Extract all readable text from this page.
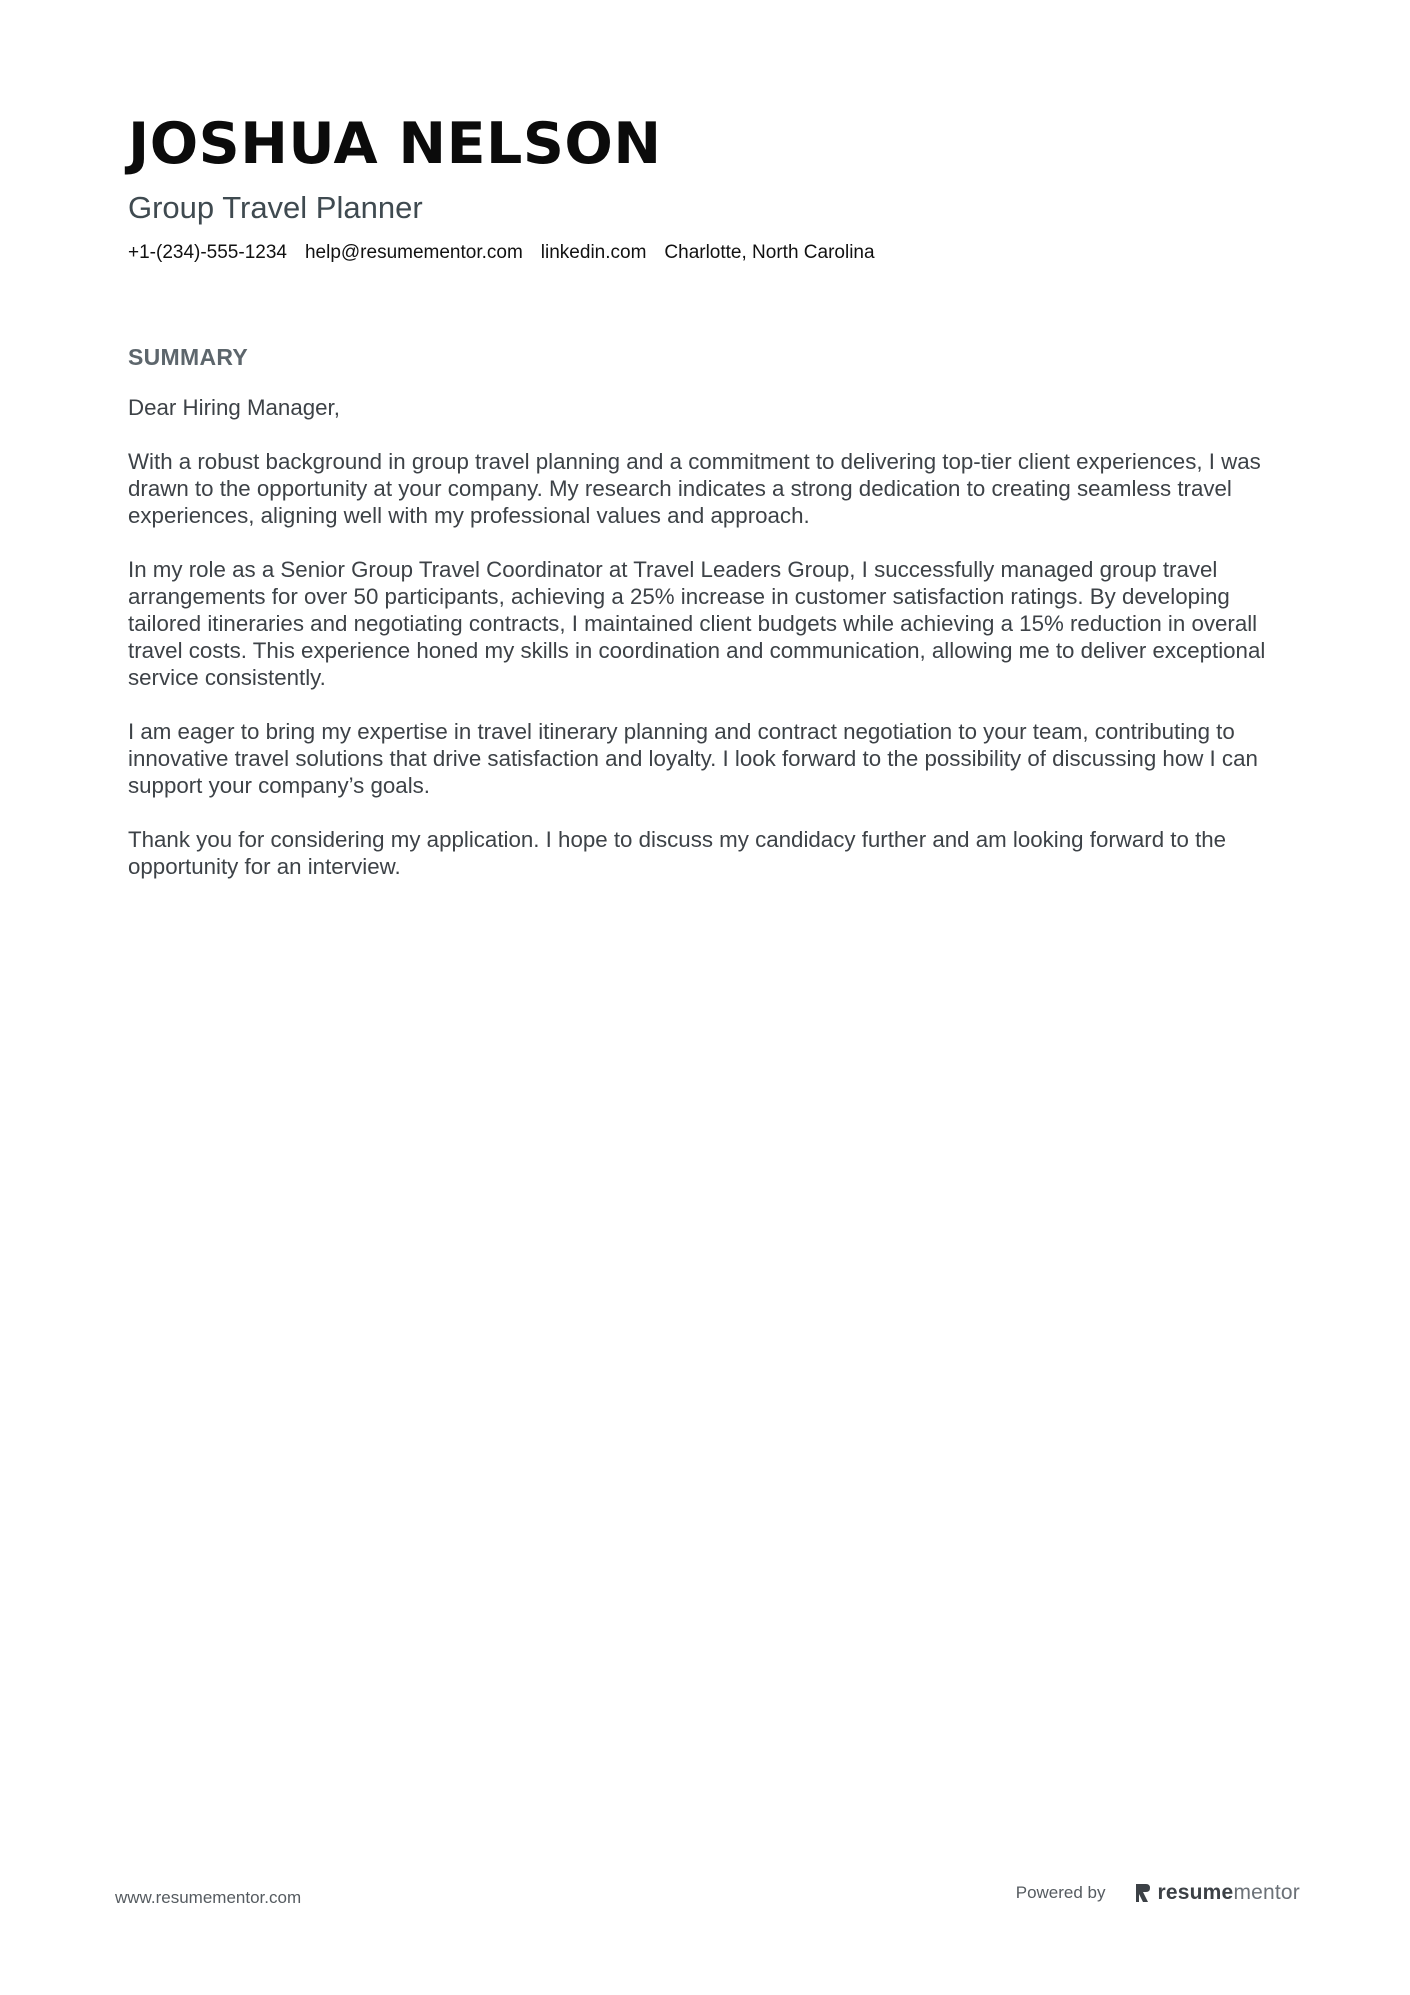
JOSHUA NELSON
Group Travel Planner
+1-(234)-555-1234 help@resumementor.com linkedin.com Charlotte, North Carolina
SUMMARY

Dear Hiring Manager,

With a robust background in group travel planning and a commitment to delivering top-tier client experiences, I was drawn to the opportunity at your company. My research indicates a strong dedication to creating seamless travel experiences, aligning well with my professional values and approach.

In my role as a Senior Group Travel Coordinator at Travel Leaders Group, I successfully managed group travel arrangements for over 50 participants, achieving a 25% increase in customer satisfaction ratings. By developing tailored itineraries and negotiating contracts, I maintained client budgets while achieving a 15% reduction in overall travel costs. This experience honed my skills in coordination and communication, allowing me to deliver exceptional service consistently.

I am eager to bring my expertise in travel itinerary planning and contract negotiation to your team, contributing to innovative travel solutions that drive satisfaction and loyalty. I look forward to the possibility of discussing how I can support your company’s goals.

Thank you for considering my application. I hope to discuss my candidacy further and am looking forward to the opportunity for an interview.

www.resumementor.com	Powered by resumementor
